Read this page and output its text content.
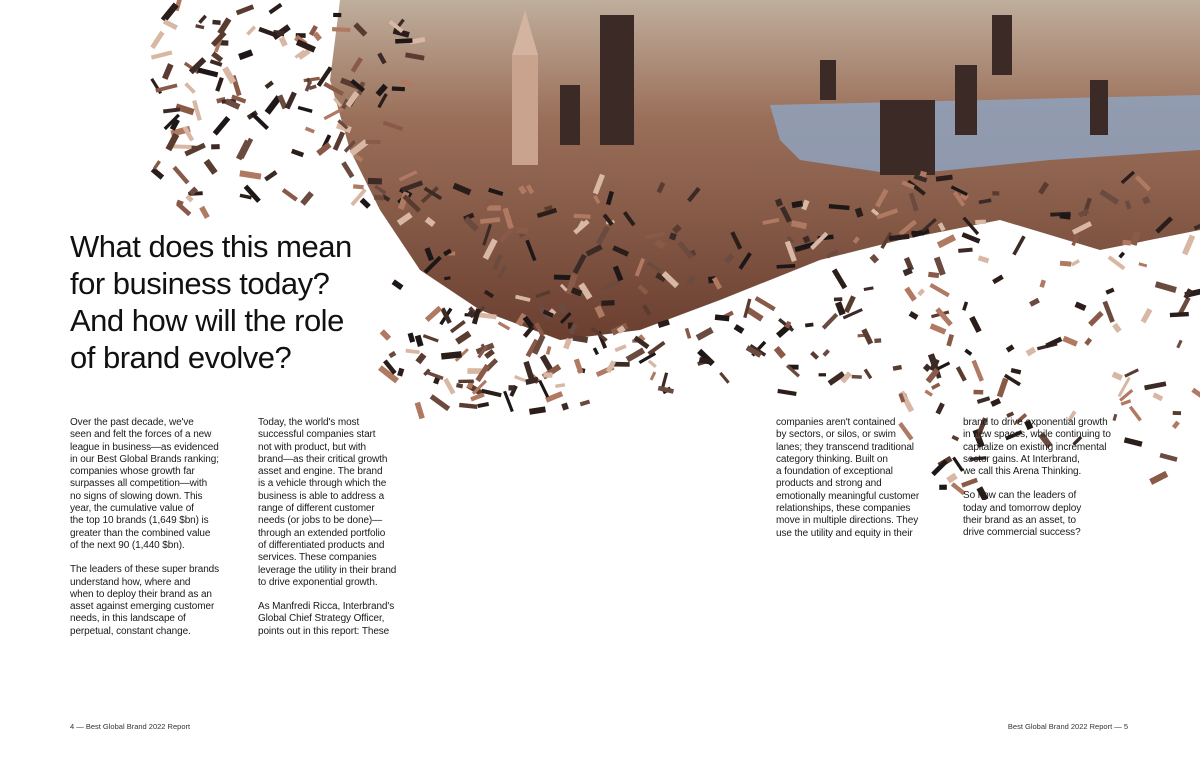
What does this mean
for business today?
And how will the role
of brand evolve?

Over the past decade, we've
seen and felt the forces of a new
league in business—as evidenced
in our Best Global Brands ranking;
companies whose growth far
surpasses all competition—with
no signs of slowing down. This
year, the cumulative value of
the top 10 brands (1,649 $bn) is
greater than the combined value
of the next 90 (1,440 $bn).

The leaders of these super brands
understand how, where and
when to deploy their brand as an
asset against emerging customer
needs, in this landscape of
perpetual, constant change.

Today, the world's most
successful companies start
not with product, but with
brand—as their critical growth
asset and engine. The brand
is a vehicle through which the
business is able to address a
range of different customer
needs (or jobs to be done)—
through an extended portfolio
of differentiated products and
services. These companies
leverage the utility in their brand
to drive exponential growth.

As Manfredi Ricca, Interbrand's
Global Chief Strategy Officer,
points out in this report: These

companies aren't contained
by sectors, or silos, or swim
lanes; they transcend traditional
category thinking. Built on
a foundation of exceptional
products and strong and
emotionally meaningful customer
relationships, these companies
move in multiple directions. They
use the utility and equity in their

brand to drive exponential growth
in new spaces, while continuing to
capitalize on existing incremental
sector gains. At Interbrand,
we call this Arena Thinking.

So how can the leaders of
today and tomorrow deploy
their brand as an asset, to
drive commercial success?

4 — Best Global Brand 2022 Report	Best Global Brand 2022 Report — 5
